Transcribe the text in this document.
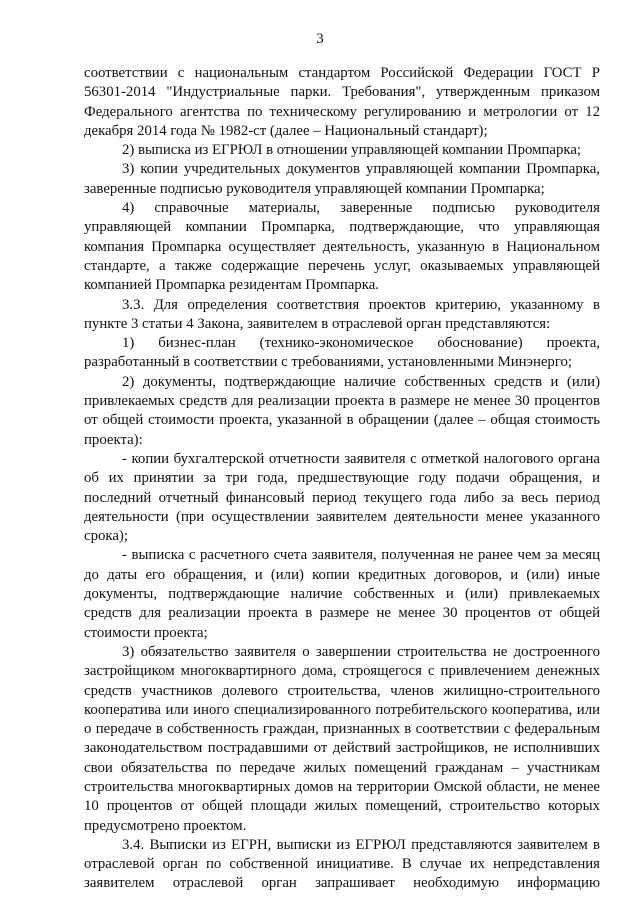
3

соответствии с национальным стандартом Российской Федерации ГОСТ Р 56301-2014 "Индустриальные парки. Требования", утвержденным приказом Федерального агентства по техническому регулированию и метрологии от 12 декабря 2014 года № 1982-ст (далее – Национальный стандарт);

2) выписка из ЕГРЮЛ в отношении управляющей компании Промпарка;

3) копии учредительных документов управляющей компании Промпарка, заверенные подписью руководителя управляющей компании Промпарка;

4) справочные материалы, заверенные подписью руководителя управляющей компании Промпарка, подтверждающие, что управляющая компания Промпарка осуществляет деятельность, указанную в Национальном стандарте, а также содержащие перечень услуг, оказываемых управляющей компанией Промпарка резидентам Промпарка.

3.3. Для определения соответствия проектов критерию, указанному в пункте 3 статьи 4 Закона, заявителем в отраслевой орган представляются:

1) бизнес-план (технико-экономическое обоснование) проекта, разработанный в соответствии с требованиями, установленными Минэнерго;

2) документы, подтверждающие наличие собственных средств и (или) привлекаемых средств для реализации проекта в размере не менее 30 процентов от общей стоимости проекта, указанной в обращении (далее – общая стоимость проекта):

- копии бухгалтерской отчетности заявителя с отметкой налогового органа об их принятии за три года, предшествующие году подачи обращения, и последний отчетный финансовый период текущего года либо за весь период деятельности (при осуществлении заявителем деятельности менее указанного срока);

- выписка с расчетного счета заявителя, полученная не ранее чем за месяц до даты его обращения, и (или) копии кредитных договоров, и (или) иные документы, подтверждающие наличие собственных и (или) привлекаемых средств для реализации проекта в размере не менее 30 процентов от общей стоимости проекта;

3) обязательство заявителя о завершении строительства не достроенного застройщиком многоквартирного дома, строящегося с привлечением денежных средств участников долевого строительства, членов жилищно-строительного кооператива или иного специализированного потребительского кооператива, или о передаче в собственность граждан, признанных в соответствии с федеральным законодательством пострадавшими от действий застройщиков, не исполнивших свои обязательства по передаче жилых помещений гражданам – участникам строительства многоквартирных домов на территории Омской области, не менее 10 процентов от общей площади жилых помещений, строительство которых предусмотрено проектом.

3.4. Выписки из ЕГРН, выписки из ЕГРЮЛ представляются заявителем в отраслевой орган по собственной инициативе. В случае их непредставления заявителем отраслевой орган запрашивает необходимую информацию
